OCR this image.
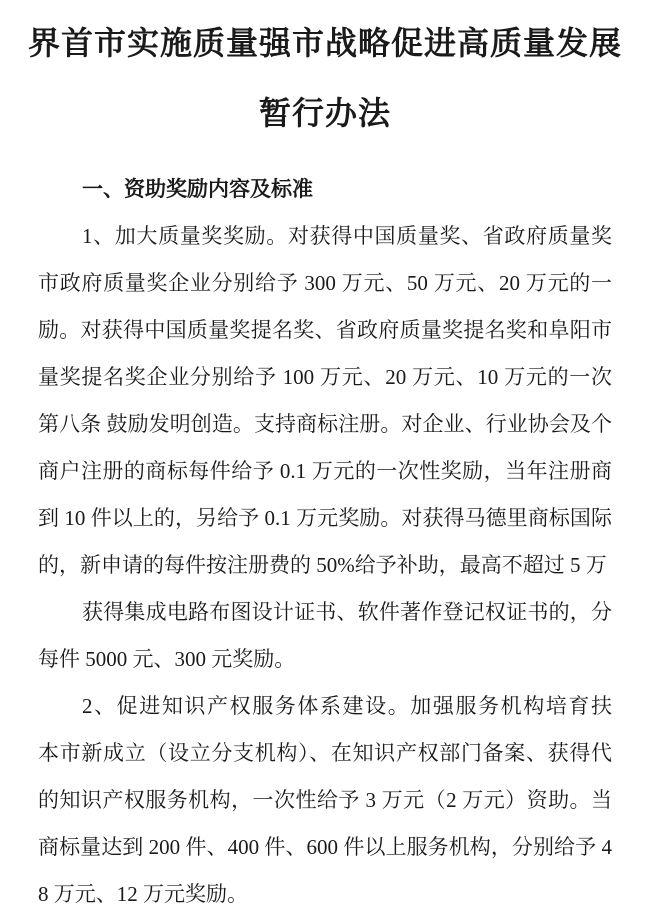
界首市实施质量强市战略促进高质量发展
暂行办法
一、资助奖励内容及标准
1、加大质量奖奖励。对获得中国质量奖、省政府质量奖
市政府质量奖企业分别给予 300 万元、50 万元、20 万元的一
励。对获得中国质量奖提名奖、省政府质量奖提名奖和阜阳市
量奖提名奖企业分别给予 100 万元、20 万元、10 万元的一次
第八条 鼓励发明创造。支持商标注册。对企业、行业协会及个
商户注册的商标每件给予 0.1 万元的一次性奖励，当年注册商
到 10 件以上的，另给予 0.1 万元奖励。对获得马德里商标国际
的，新申请的每件按注册费的 50%给予补助，最高不超过 5 万
获得集成电路布图设计证书、软件著作登记权证书的，分
每件 5000 元、300 元奖励。
2、促进知识产权服务体系建设。加强服务机构培育扶
本市新成立（设立分支机构）、在知识产权部门备案、获得代
的知识产权服务机构，一次性给予 3 万元（2 万元）资助。当
商标量达到 200 件、400 件、600 件以上服务机构，分别给予 4
8 万元、12 万元奖励。
